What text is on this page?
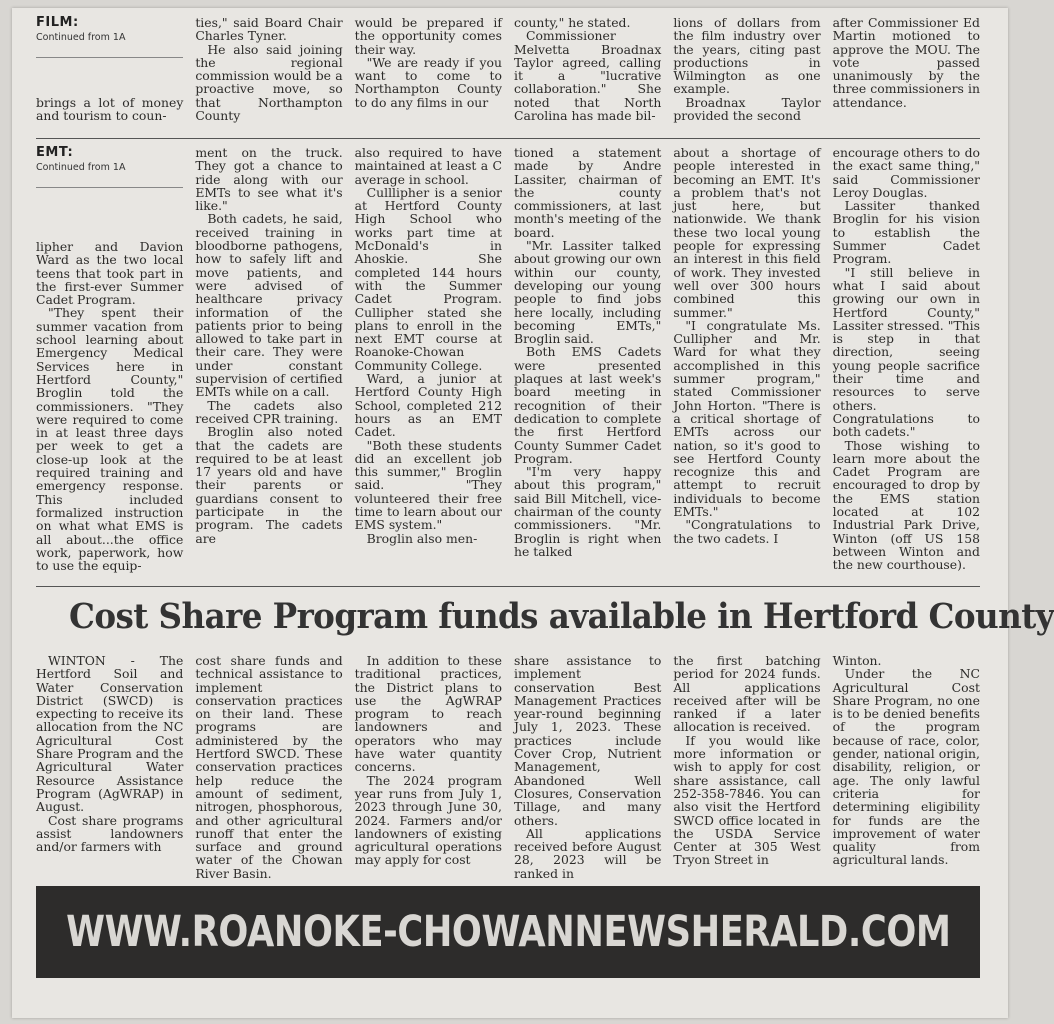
FILM:
Continued from 1A

brings a lot of money and tourism to coun-

ties," said Board Chair Charles Tyner.

He also said joining the regional commission would be a proactive move, so that Northampton County

would be prepared if the opportunity comes their way.

"We are ready if you want to come to Northampton County to do any films in our

county," he stated.

Commissioner Melvetta Broadnax Taylor agreed, calling it a "lucrative collaboration." She noted that North Carolina has made bil-

lions of dollars from the film industry over the years, citing past productions in Wilmington as one example.

Broadnax Taylor provided the second

after Commissioner Ed Martin motioned to approve the MOU. The vote passed unanimously by the three commissioners in attendance.

EMT:
Continued from 1A

lipher and Davion Ward as the two local teens that took part in the first-ever Summer Cadet Program.

"They spent their summer vacation from school learning about Emergency Medical Services here in Hertford County," Broglin told the commissioners. "They were required to come in at least three days per week to get a close-up look at the required training and emergency response. This included formalized instruction on what what EMS is all about...the office work, paperwork, how to use the equip-

ment on the truck. They got a chance to ride along with our EMTs to see what it's like."

Both cadets, he said, received training in bloodborne pathogens, how to safely lift and move patients, and were advised of healthcare privacy information of the patients prior to being allowed to take part in their care. They were under constant supervision of certified EMTs while on a call.

The cadets also received CPR training.

Broglin also noted that the cadets are required to be at least 17 years old and have their parents or guardians consent to participate in the program. The cadets are

also required to have maintained at least a C average in school.

Culllipher is a senior at Hertford County High School who works part time at McDonald's in Ahoskie. She completed 144 hours with the Summer Cadet Program. Cullipher stated she plans to enroll in the next EMT course at Roanoke-Chowan Community College.

Ward, a junior at Hertford County High School, completed 212 hours as an EMT Cadet.

"Both these students did an excellent job this summer," Broglin said. "They volunteered their free time to learn about our EMS system."

Broglin also men-

tioned a statement made by Andre Lassiter, chairman of the county commissioners, at last month's meeting of the board.

"Mr. Lassiter talked about growing our own within our county, developing our young people to find jobs here locally, including becoming EMTs," Broglin said.

Both EMS Cadets were presented plaques at last week's board meeting in recognition of their dedication to complete the first Hertford County Summer Cadet Program.

"I'm very happy about this program," said Bill Mitchell, vice-chairman of the county commissioners. "Mr. Broglin is right when he talked

about a shortage of people interested in becoming an EMT. It's a problem that's not just here, but nationwide. We thank these two local young people for expressing an interest in this field of work. They invested well over 300 hours combined this summer."

"I congratulate Ms. Cullipher and Mr. Ward for what they accomplished in this summer program," stated Commissioner John Horton. "There is a critical shortage of EMTs across our nation, so it's good to see Hertford County recognize this and attempt to recruit individuals to become EMTs."

"Congratulations to the two cadets. I

encourage others to do the exact same thing," said Commissioner Leroy Douglas.

Lassiter thanked Broglin for his vision to establish the Summer Cadet Program.

"I still believe in what I said about growing our own in Hertford County," Lassiter stressed. "This is step in that direction, seeing young people sacrifice their time and resources to serve others. Congratulations to both cadets."

Those wishing to learn more about the Cadet Program are encouraged to drop by the EMS station located at 102 Industrial Park Drive, Winton (off US 158 between Winton and the new courthouse).

Cost Share Program funds available in Hertford County

WINTON - The Hertford Soil and Water Conservation District (SWCD) is expecting to receive its allocation from the NC Agricultural Cost Share Program and the Agricultural Water Resource Assistance Program (AgWRAP) in August.

Cost share programs assist landowners and/or farmers with

cost share funds and technical assistance to implement conservation practices on their land. These programs are administered by the Hertford SWCD. These conservation practices help reduce the amount of sediment, nitrogen, phosphorous, and other agricultural runoff that enter the surface and ground water of the Chowan River Basin.

In addition to these traditional practices, the District plans to use the AgWRAP program to reach landowners and operators who may have water quantity concerns.

The 2024 program year runs from July 1, 2023 through June 30, 2024. Farmers and/or landowners of existing agricultural operations may apply for cost

share assistance to implement conservation Best Management Practices year-round beginning July 1, 2023. These practices include Cover Crop, Nutrient Management, Abandoned Well Closures, Conservation Tillage, and many others.

All applications received before August 28, 2023 will be ranked in

the first batching period for 2024 funds. All applications received after will be ranked if a later allocation is received.

If you would like more information or wish to apply for cost share assistance, call 252-358-7846. You can also visit the Hertford SWCD office located in the USDA Service Center at 305 West Tryon Street in

Winton.

Under the NC Agricultural Cost Share Program, no one is to be denied benefits of the program because of race, color, gender, national origin, disability, religion, or age. The only lawful criteria for determining eligibility for funds are the improvement of water quality from agricultural lands.

WWW.ROANOKE-CHOWANNEWSHERALD.COM
